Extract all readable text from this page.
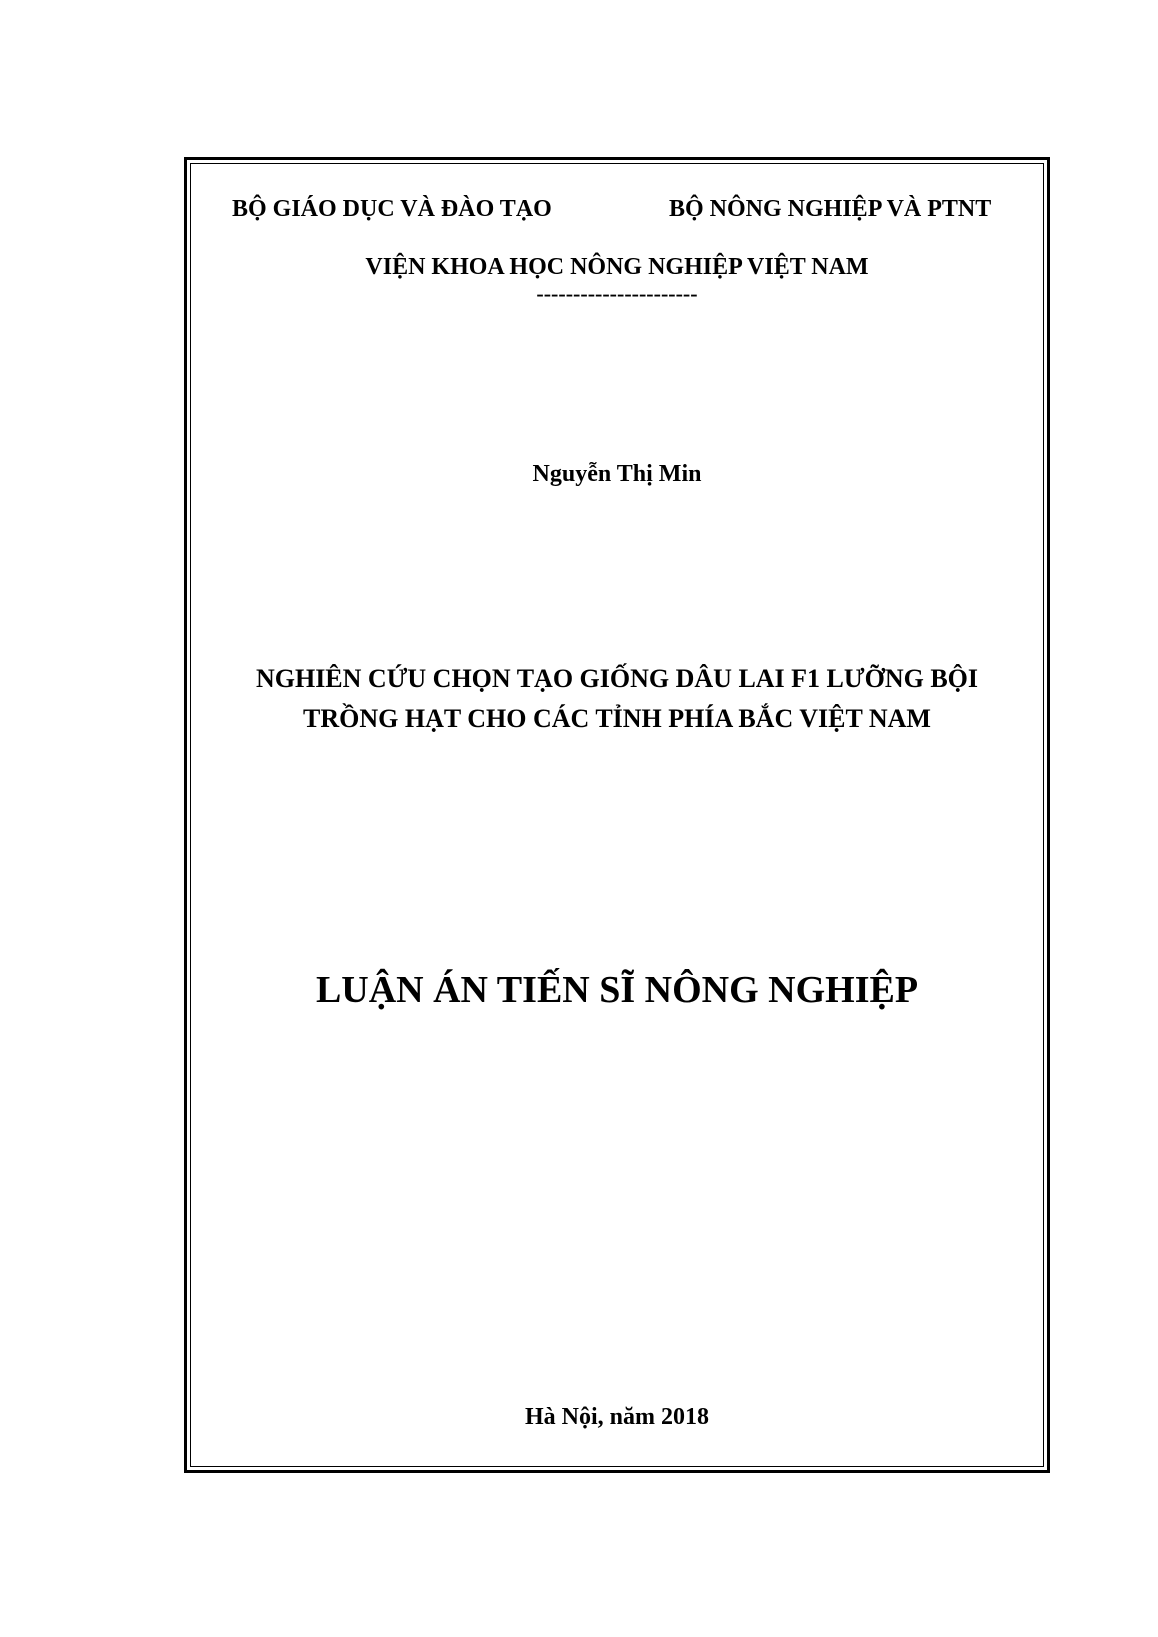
BỘ GIÁO DỤC VÀ ĐÀO TẠO	BỘ NÔNG NGHIỆP VÀ PTNT
VIỆN KHOA HỌC NÔNG NGHIỆP VIỆT NAM
----------------------
Nguyễn Thị Min
NGHIÊN CỨU CHỌN TẠO GIỐNG DÂU LAI F1 LƯỠNG BỘI
TRỒNG HẠT CHO CÁC TỈNH PHÍA BẮC VIỆT NAM
LUẬN ÁN TIẾN SĨ NÔNG NGHIỆP
Hà Nội, năm 2018
